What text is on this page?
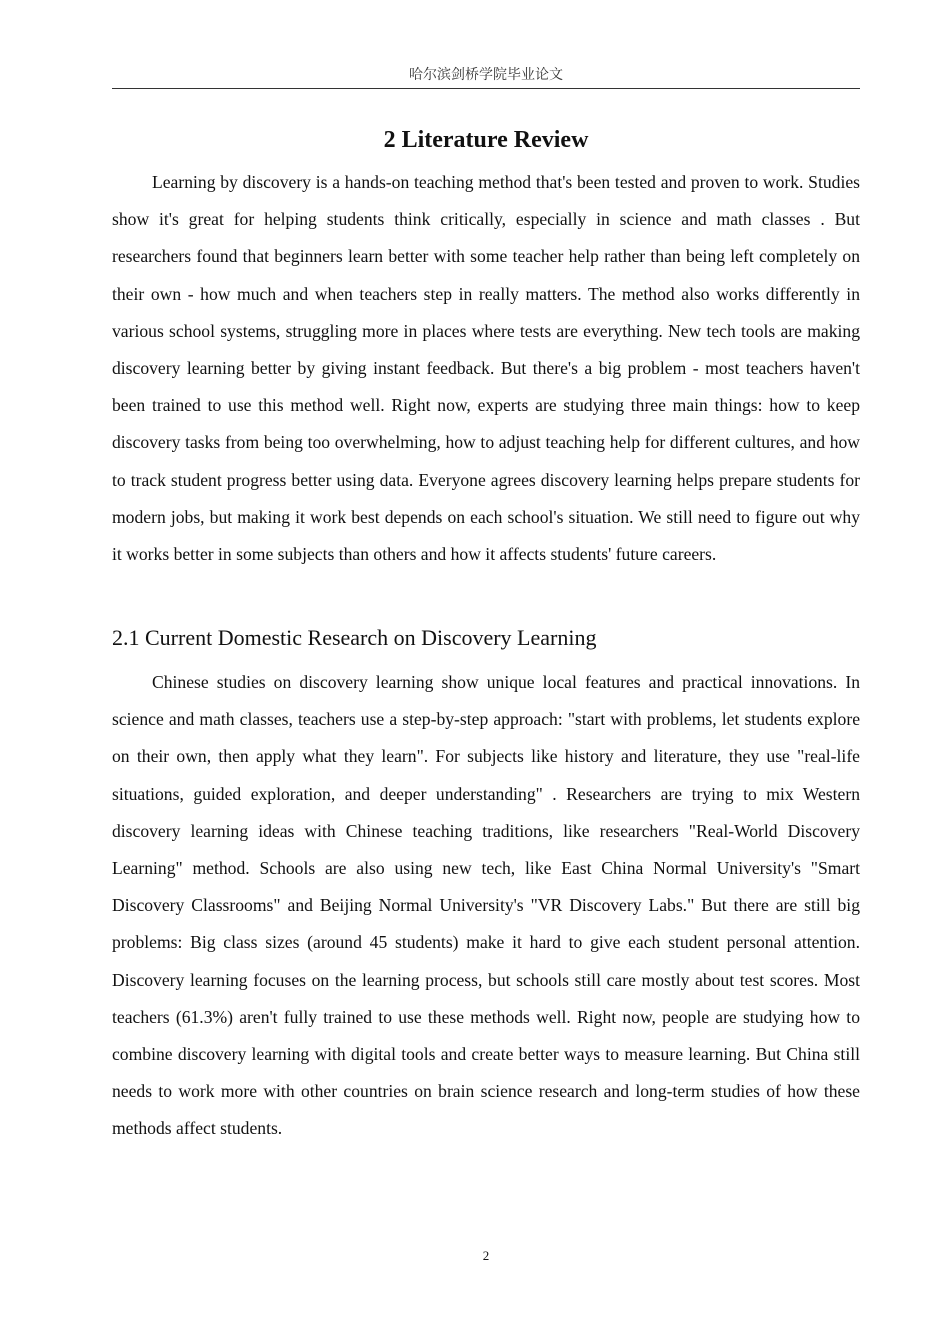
哈尔滨剑桥学院毕业论文
2 Literature Review

Learning by discovery is a hands-on teaching method that's been tested and proven to work. Studies show it's great for helping students think critically, especially in science and math classes . But researchers found that beginners learn better with some teacher help rather than being left completely on their own - how much and when teachers step in really matters. The method also works differently in various school systems, struggling more in places where tests are everything. New tech tools are making discovery learning better by giving instant feedback. But there's a big problem - most teachers haven't been trained to use this method well. Right now, experts are studying three main things: how to keep discovery tasks from being too overwhelming, how to adjust teaching help for different cultures, and how to track student progress better using data. Everyone agrees discovery learning helps prepare students for modern jobs, but making it work best depends on each school's situation. We still need to figure out why it works better in some subjects than others and how it affects students' future careers.

2.1 Current Domestic Research on Discovery Learning

Chinese studies on discovery learning show unique local features and practical innovations. In science and math classes, teachers use a step-by-step approach: "start with problems, let students explore on their own, then apply what they learn". For subjects like history and literature, they use "real-life situations, guided exploration, and deeper understanding" . Researchers are trying to mix Western discovery learning ideas with Chinese teaching traditions, like researchers "Real-World Discovery Learning" method. Schools are also using new tech, like East China Normal University's "Smart Discovery Classrooms" and Beijing Normal University's "VR Discovery Labs." But there are still big problems: Big class sizes (around 45 students) make it hard to give each student personal attention. Discovery learning focuses on the learning process, but schools still care mostly about test scores. Most teachers (61.3%) aren't fully trained to use these methods well. Right now, people are studying how to combine discovery learning with digital tools and create better ways to measure learning. But China still needs to work more with other countries on brain science research and long-term studies of how these methods affect students.

2
